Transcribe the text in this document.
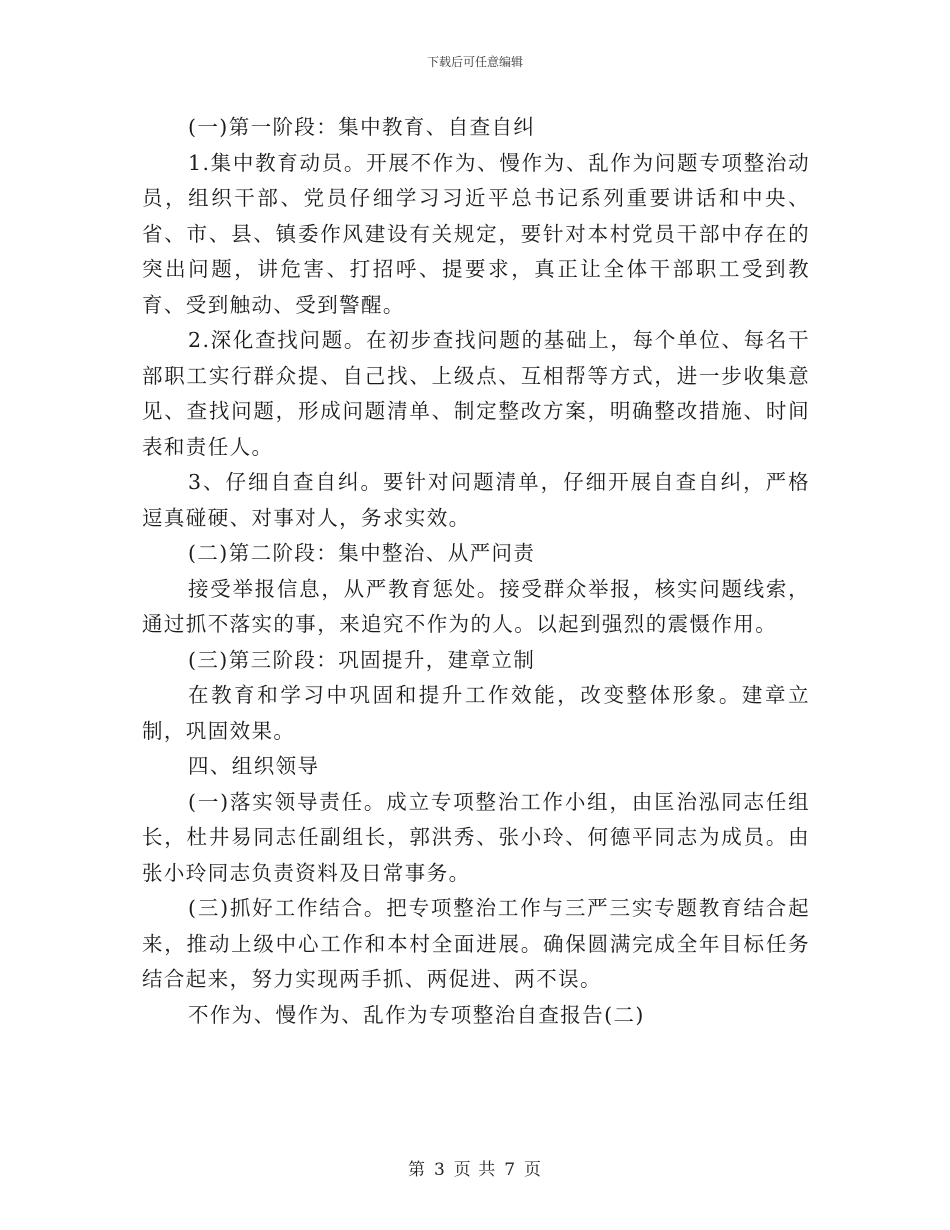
下载后可任意编辑

(一)第一阶段：集中教育、自查自纠

1.集中教育动员。开展不作为、慢作为、乱作为问题专项整治动员，组织干部、党员仔细学习习近平总书记系列重要讲话和中央、省、市、县、镇委作风建设有关规定，要针对本村党员干部中存在的突出问题，讲危害、打招呼、提要求，真正让全体干部职工受到教育、受到触动、受到警醒。

2.深化查找问题。在初步查找问题的基础上，每个单位、每名干部职工实行群众提、自己找、上级点、互相帮等方式，进一步收集意见、查找问题，形成问题清单、制定整改方案，明确整改措施、时间表和责任人。

3、仔细自查自纠。要针对问题清单，仔细开展自查自纠，严格逗真碰硬、对事对人，务求实效。

(二)第二阶段：集中整治、从严问责

接受举报信息，从严教育惩处。接受群众举报，核实问题线索，通过抓不落实的事，来追究不作为的人。以起到强烈的震慑作用。

(三)第三阶段：巩固提升，建章立制

在教育和学习中巩固和提升工作效能，改变整体形象。建章立制，巩固效果。

四、组织领导

(一)落实领导责任。成立专项整治工作小组，由匡治泓同志任组长，杜井易同志任副组长，郭洪秀、张小玲、何德平同志为成员。由张小玲同志负责资料及日常事务。

(三)抓好工作结合。把专项整治工作与三严三实专题教育结合起来，推动上级中心工作和本村全面进展。确保圆满完成全年目标任务结合起来，努力实现两手抓、两促进、两不误。

不作为、慢作为、乱作为专项整治自查报告(二)

第 3 页 共 7 页
